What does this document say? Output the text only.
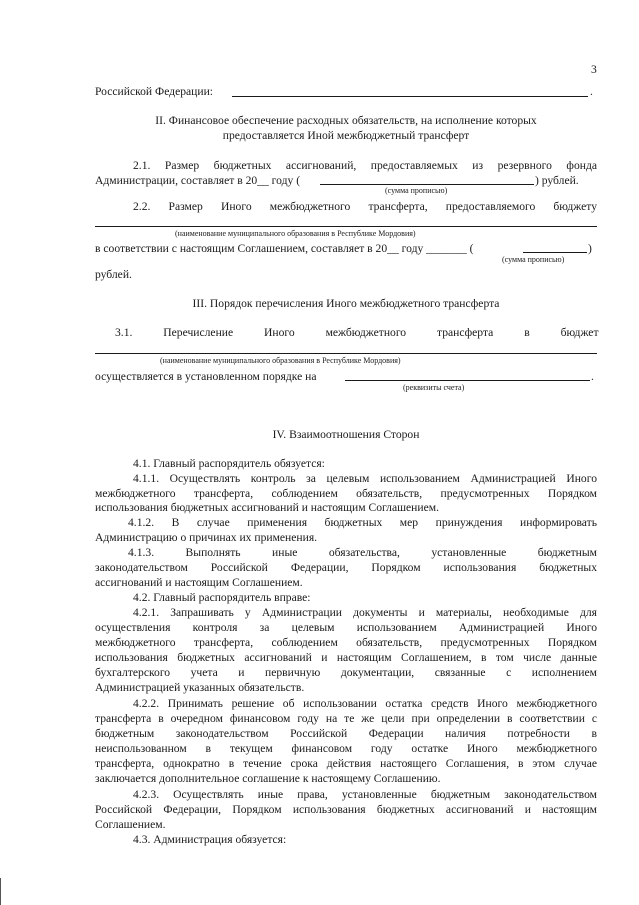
3
Российской Федерации:	.
II. Финансовое обеспечение расходных обязательств, на исполнение которых
предоставляется Иной межбюджетный трансферт
2.1. Размер бюджетных ассигнований, предоставляемых из резервного фонда
Администрации, составляет в 20__ году (	) рублей.
(сумма прописью)
2.2. Размер Иного межбюджетного трансферта, предоставляемого бюджету
(наименование муниципального образования в Республике Мордовия)
в соответствии с настоящим Соглашением, составляет в 20__ году _______ (	)
(сумма прописью)
рублей.
III. Порядок перечисления Иного межбюджетного трансферта
3.1. Перечисление Иного межбюджетного трансферта в бюджет
(наименование муниципального образования в Республике Мордовия)
осуществляется в установленном порядке на	.
(реквизиты счета)
IV. Взаимоотношения Сторон
4.1. Главный распорядитель обязуется:
4.1.1. Осуществлять контроль за целевым использованием Администрацией Иного
межбюджетного трансферта, соблюдением обязательств, предусмотренных Порядком
использования бюджетных ассигнований и настоящим Соглашением.
4.1.2. В случае применения бюджетных мер принуждения информировать
Администрацию о причинах их применения.
4.1.3. Выполнять иные обязательства, установленные бюджетным
законодательством Российской Федерации, Порядком использования бюджетных
ассигнований и настоящим Соглашением.
4.2. Главный распорядитель вправе:
4.2.1. Запрашивать у Администрации документы и материалы, необходимые для
осуществления контроля за целевым использованием Администрацией Иного
межбюджетного трансферта, соблюдением обязательств, предусмотренных Порядком
использования бюджетных ассигнований и настоящим Соглашением, в том числе данные
бухгалтерского учета и первичную документации, связанные с исполнением
Администрацией указанных обязательств.
4.2.2. Принимать решение об использовании остатка средств Иного межбюджетного
трансферта в очередном финансовом году на те же цели при определении в соответствии с
бюджетным законодательством Российской Федерации наличия потребности в
неиспользованном в текущем финансовом году остатке Иного межбюджетного
трансферта, однократно в течение срока действия настоящего Соглашения, в этом случае
заключается дополнительное соглашение к настоящему Соглашению.
4.2.3. Осуществлять иные права, установленные бюджетным законодательством
Российской Федерации, Порядком использования бюджетных ассигнований и настоящим
Соглашением.
4.3. Администрация обязуется:
